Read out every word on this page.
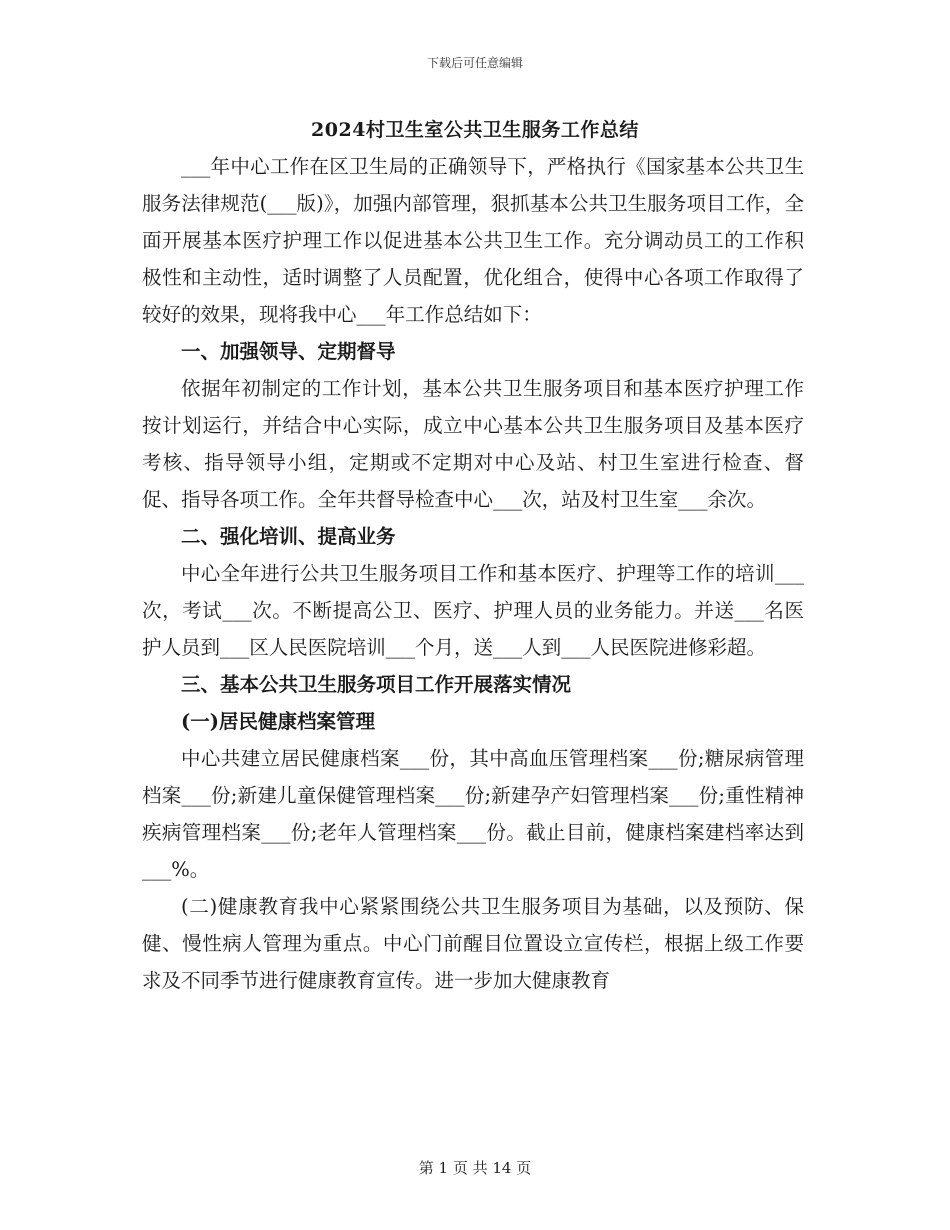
下载后可任意编辑
2024村卫生室公共卫生服务工作总结

___年中心工作在区卫生局的正确领导下，严格执行《国家基本公共卫生服务法律规范(___版)》，加强内部管理，狠抓基本公共卫生服务项目工作，全面开展基本医疗护理工作以促进基本公共卫生工作。充分调动员工的工作积极性和主动性，适时调整了人员配置，优化组合，使得中心各项工作取得了较好的效果，现将我中心___年工作总结如下：

一、加强领导、定期督导

依据年初制定的工作计划，基本公共卫生服务项目和基本医疗护理工作按计划运行，并结合中心实际，成立中心基本公共卫生服务项目及基本医疗考核、指导领导小组，定期或不定期对中心及站、村卫生室进行检查、督促、指导各项工作。全年共督导检查中心___次，站及村卫生室___余次。

二、强化培训、提高业务

中心全年进行公共卫生服务项目工作和基本医疗、护理等工作的培训___次，考试___次。不断提高公卫、医疗、护理人员的业务能力。并送___名医护人员到___区人民医院培训___个月，送___人到___人民医院进修彩超。

三、基本公共卫生服务项目工作开展落实情况

(一)居民健康档案管理

中心共建立居民健康档案___份，其中高血压管理档案___份;糖尿病管理档案___份;新建儿童保健管理档案___份;新建孕产妇管理档案___份;重性精神疾病管理档案___份;老年人管理档案___份。截止目前，健康档案建档率达到___%。

(二)健康教育我中心紧紧围绕公共卫生服务项目为基础，以及预防、保健、慢性病人管理为重点。中心门前醒目位置设立宣传栏，根据上级工作要求及不同季节进行健康教育宣传。进一步加大健康教育

第 1 页 共 14 页
